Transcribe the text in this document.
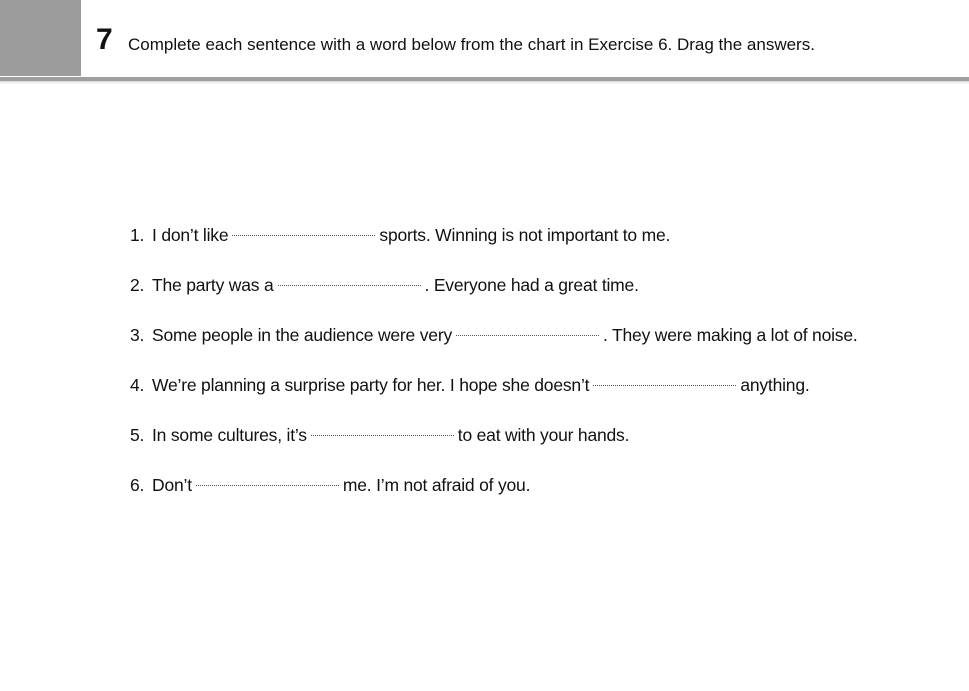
7 Complete each sentence with a word below from the chart in Exercise 6. Drag the answers.
1. I don’t like	sports. Winning is not important to me.
2. The party was a	. Everyone had a great time.
3. Some people in the audience were very	. They were making a lot of noise.
4. We’re planning a surprise party for her. I hope she doesn’t	anything.
5. In some cultures, it’s	to eat with your hands.
6. Don’t	me. I’m not afraid of you.
